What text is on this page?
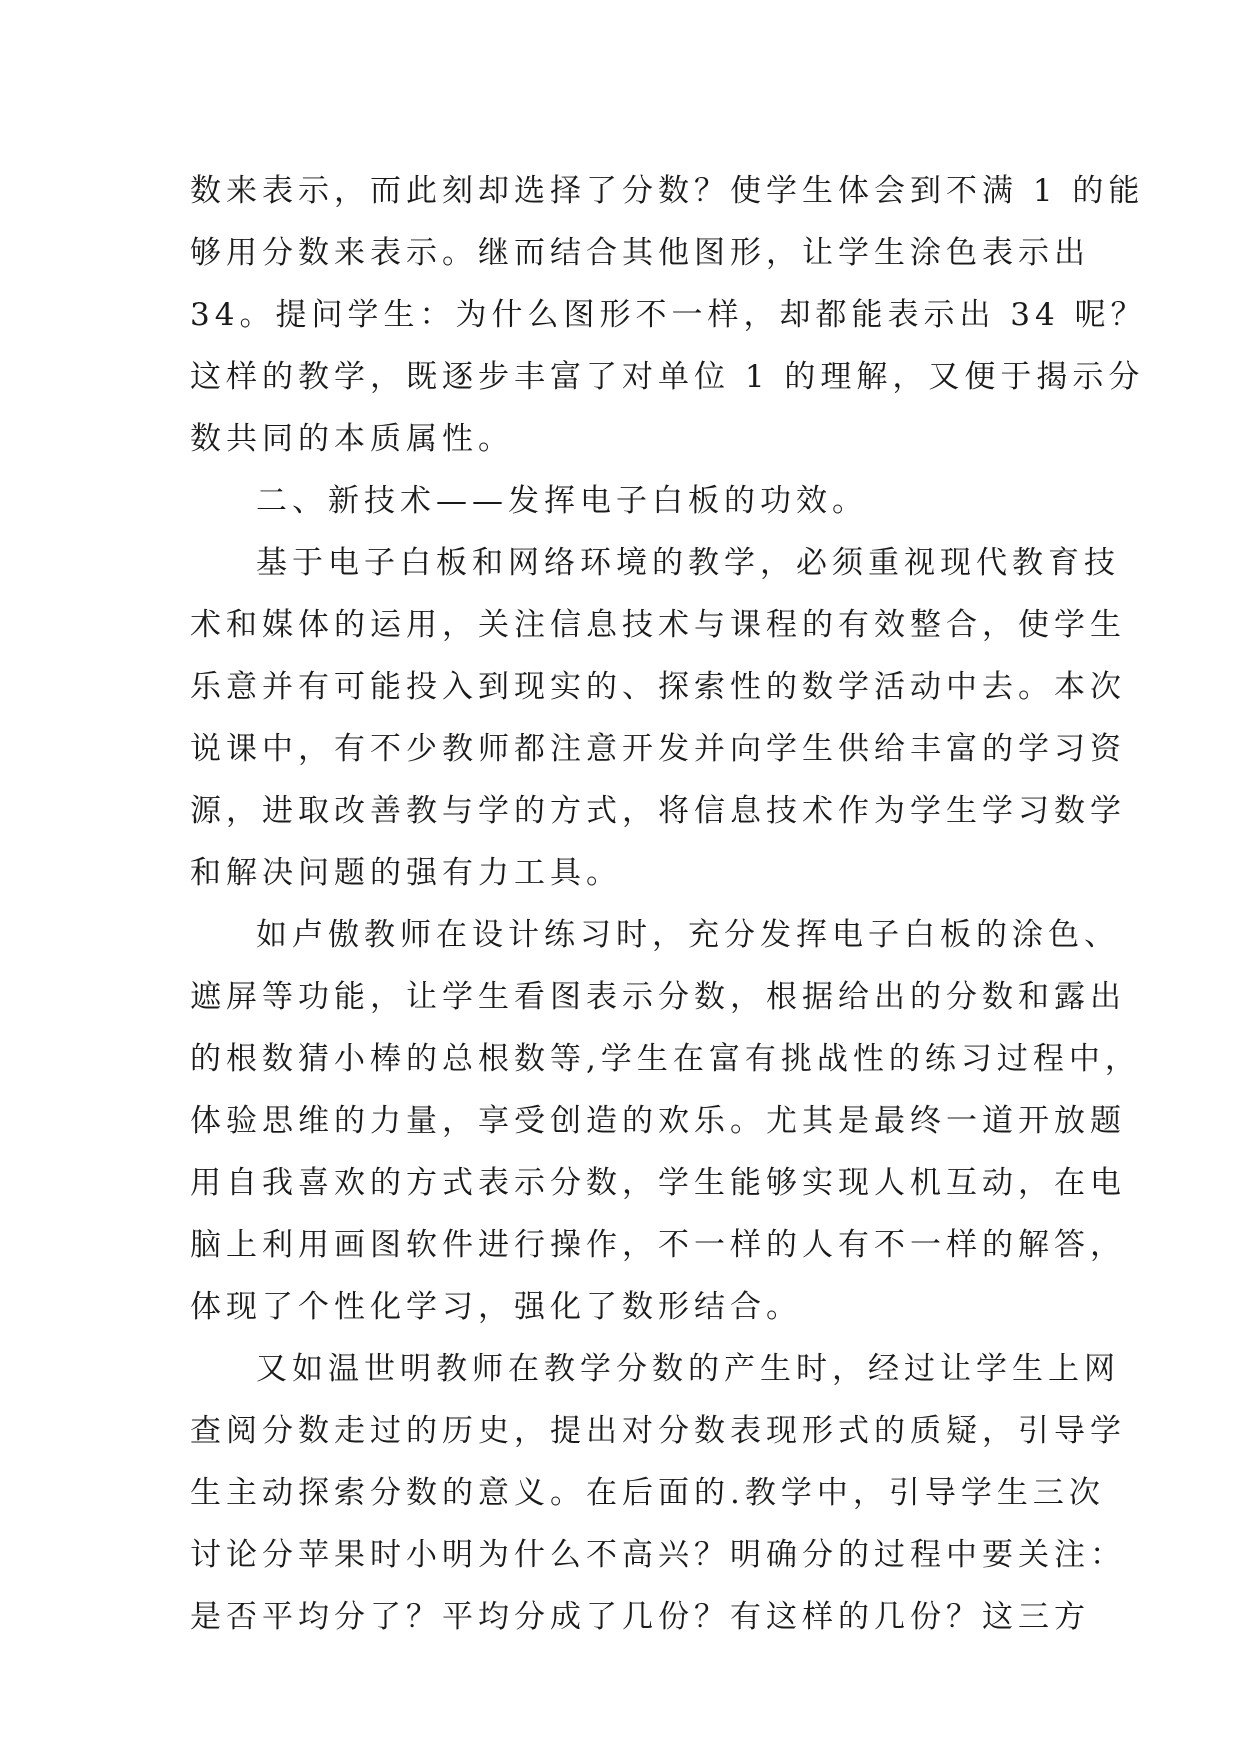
数来表示，而此刻却选择了分数？使学生体会到不满 1 的能
够用分数来表示。继而结合其他图形，让学生涂色表示出
34。提问学生：为什么图形不一样，却都能表示出 34 呢？
这样的教学，既逐步丰富了对单位 1 的理解，又便于揭示分
数共同的本质属性。
二、新技术——发挥电子白板的功效。
基于电子白板和网络环境的教学，必须重视现代教育技
术和媒体的运用，关注信息技术与课程的有效整合，使学生
乐意并有可能投入到现实的、探索性的数学活动中去。本次
说课中，有不少教师都注意开发并向学生供给丰富的学习资
源，进取改善教与学的方式，将信息技术作为学生学习数学
和解决问题的强有力工具。
如卢傲教师在设计练习时，充分发挥电子白板的涂色、
遮屏等功能，让学生看图表示分数，根据给出的分数和露出
的根数猜小棒的总根数等,学生在富有挑战性的练习过程中，
体验思维的力量，享受创造的欢乐。尤其是最终一道开放题
用自我喜欢的方式表示分数，学生能够实现人机互动，在电
脑上利用画图软件进行操作，不一样的人有不一样的解答，
体现了个性化学习，强化了数形结合。
又如温世明教师在教学分数的产生时，经过让学生上网
查阅分数走过的历史，提出对分数表现形式的质疑，引导学
生主动探索分数的意义。在后面的.教学中，引导学生三次
讨论分苹果时小明为什么不高兴？明确分的过程中要关注：
是否平均分了？平均分成了几份？有这样的几份？这三方
